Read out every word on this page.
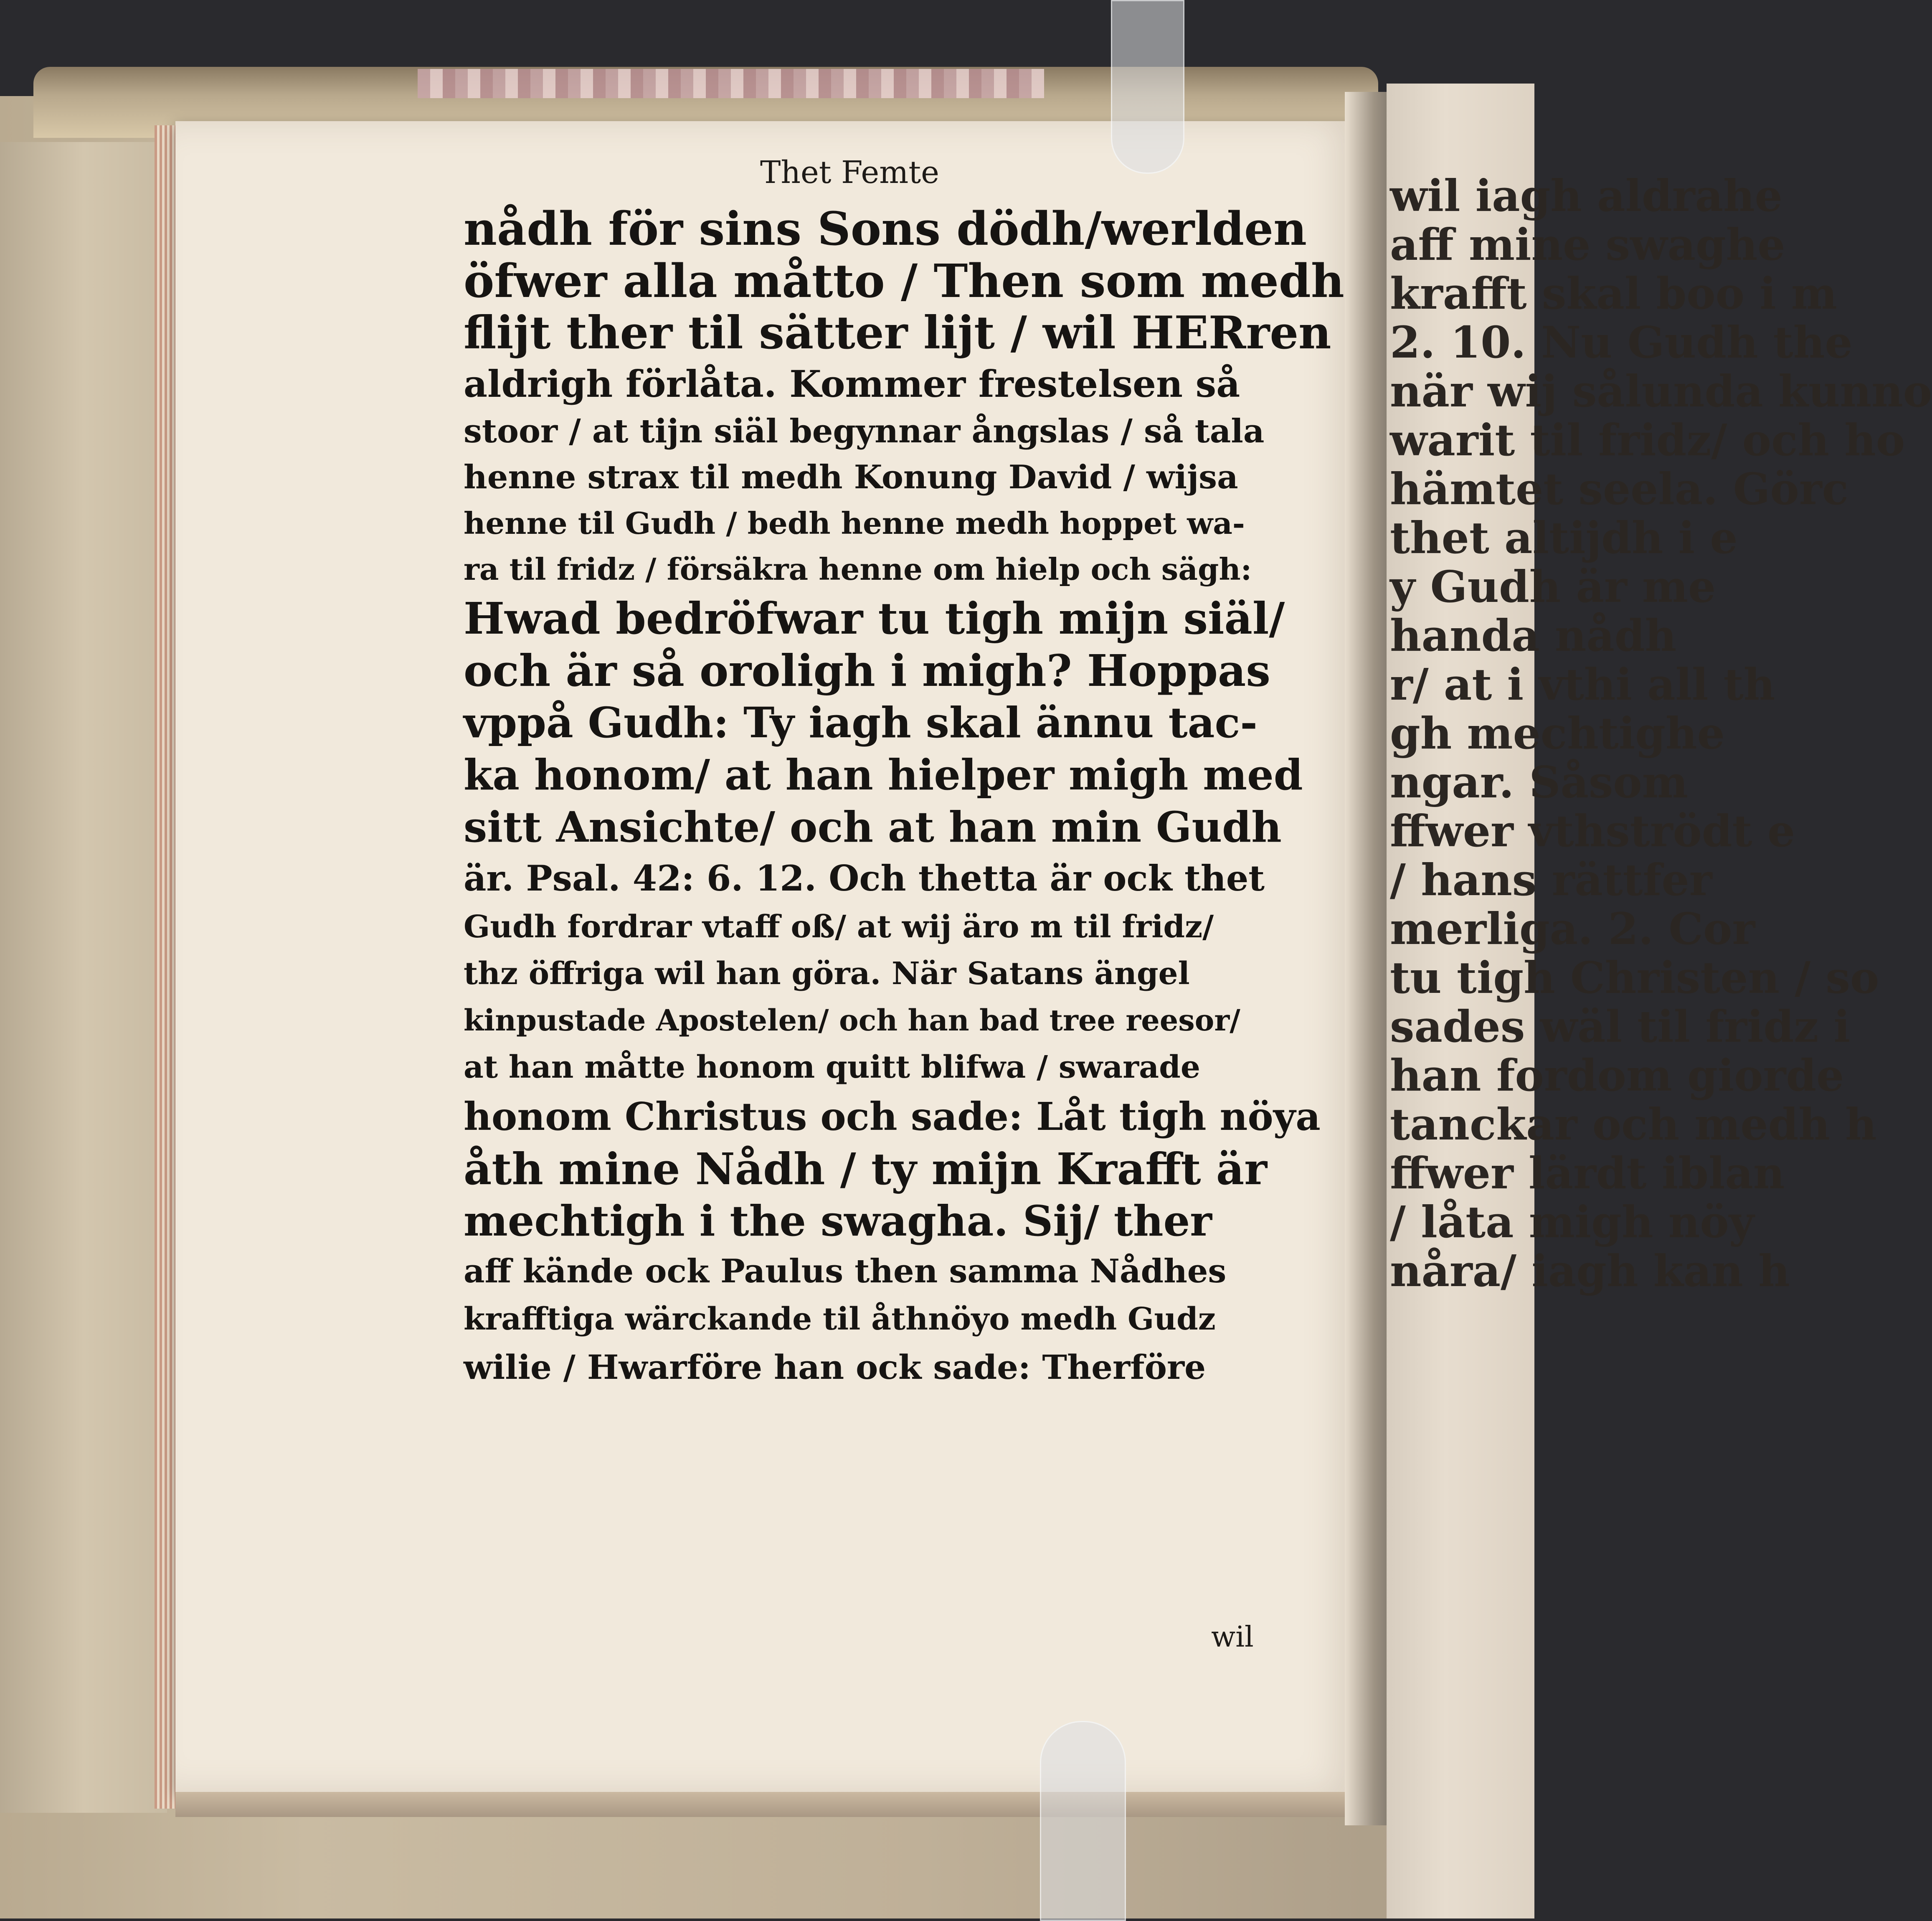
wil iagh aldrahe
aff mine swaghe
krafft skal boo i m
2. 10. Nu Gudh the
när wij sålunda kunno
warit til fridz/ och ho
hämtet seela. Görc
thet altijdh i e
y Gudh är me
handa nådh
r/ at i vthi all th
gh mechtighe
ngar. Såsom
ffwer vthströdt e
/ hans rättfer
merliga. 2. Cor
tu tigh Christen / so
sades wäl til fridz i
han fordom giorde
tanckar och medh h
ffwer lärdt iblan
/ låta migh nöy
nåra/ iagh kan h
Thet Femte
nådh för sins Sons dödh/werlden
öfwer alla måtto / Then som medh
flijt ther til sätter lijt / wil HERren
aldrigh förlåta. Kommer frestelsen så
stoor / at tijn siäl begynnar ångslas / så tala
henne strax til medh Konung David / wijsa
henne til Gudh / bedh henne medh hoppet wa-
ra til fridz / försäkra henne om hielp och sägh:
Hwad bedröfwar tu tigh mijn siäl/
och är så oroligh i migh? Hoppas
vppå Gudh: Ty iagh skal ännu tac-
ka honom/ at han hielper migh med
sitt Ansichte/ och at han min Gudh
är. Psal. 42: 6. 12. Och thetta är ock thet
Gudh fordrar vtaff oß/ at wij äro m til fridz/
thz öffriga wil han göra. När Satans ängel
kinpustade Apostelen/ och han bad tree reesor/
at han måtte honom quitt blifwa / swarade
honom Christus och sade: Låt tigh nöya
åth mine Nådh / ty mijn Krafft är
mechtigh i the swagha. Sij/ ther
aff kände ock Paulus then samma Nådhes
krafftiga wärckande til åthnöyo medh Gudz
wilie / Hwarföre han ock sade: Therföre
wil
